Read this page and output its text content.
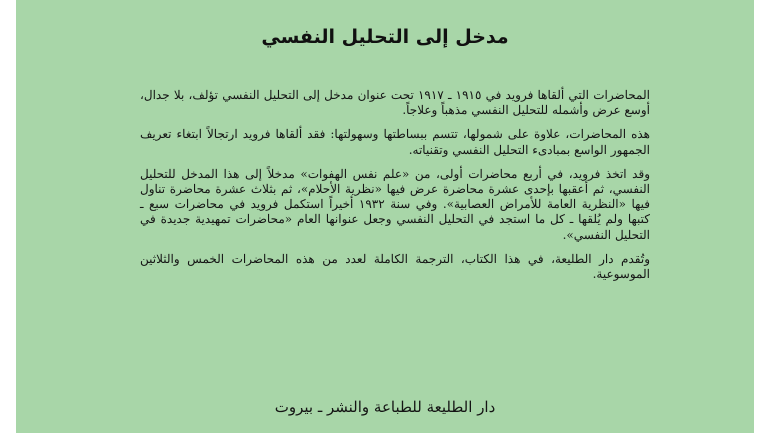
مدخل إلى التحليل النفسي

المحاضرات التي ألقاها فرويد في ١٩١٥ ـ ١٩١٧ تحت عنوان مدخل إلى التحليل النفسي تؤلف، بلا جدال، أوسع عرض وأشمله للتحليل النفسي مذهباً وعلاجاً.

هذه المحاضرات، علاوة على شمولها، تتسم ببساطتها وسهولتها: فقد ألقاها فرويد ارتجالاً ابتغاء تعريف الجمهور الواسع بمبادىء التحليل النفسي وتقنياته.

وقد اتخذ فرويد، في أربع محاضرات أولى، من «علم نفس الهفوات» مدخلاً إلى هذا المدخل للتحليل النفسي، ثم أعقبها بإحدى عشرة محاضرة عرض فيها «نظرية الأحلام»، ثم بثلاث عشرة محاضرة تناول فيها «النظرية العامة للأمراض العصابية». وفي سنة ١٩٣٢ أخيراً استكمل فرويد في محاضرات سبع ـ كتبها ولم يُلقها ـ كل ما استجد في التحليل النفسي وجعل عنوانها العام «محاضرات تمهيدية جديدة في التحليل النفسي».

وتُقدم دار الطليعة، في هذا الكتاب، الترجمة الكاملة لعدد من هذه المحاضرات الخمس والثلاثين الموسوعية.

دار الطليعة للطباعة والنشر ـ بيروت
